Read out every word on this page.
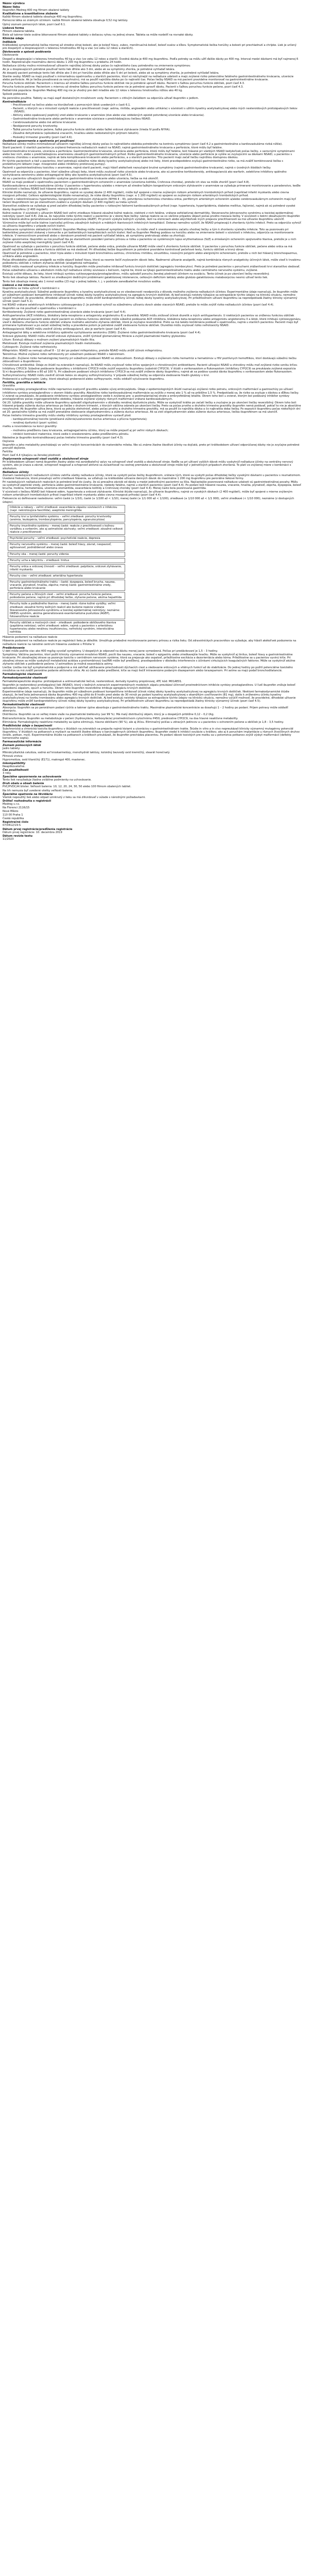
Názov výrobcu
Názov lieku
Ibuprofen Medreg 400 mg filmom obalené tablety
Kvalitatívne a kvantitatívne zloženie
Každá filmom obalená tableta obsahuje 400 mg ibuprofénu.
Pomocná látka so známym účinkom: každá filmom obalená tableta obsahuje 0,52 mg laktózy.
Úplný zoznam pomocných látok, pozri časť 6.1.
Lieková forma
Filmom obalená tableta.
Biele až takmer biele oválne bikonvexné filmom obalené tablety s deliacou ryhou na jednej strane. Tableta sa môže rozdeliť na rovnaké dávky.
Klinické údaje
Indikácie
Krátkodobá symptomatická liečba miernej až stredne silnej bolesti, ako je bolesť hlavy, zubov, menštruačná bolesť, bolesť svalov a kĺbov. Symptomatická liečba horúčky a bolesti pri prechladnutí a chrípke. Liek je určený pre dospelých a dospievajúcich s telesnou hmotnosťou 40 kg a viac (vo veku 12 rokov a starších).
Dávkovanie a spôsob podávania
Dávkovanie
Dospelí a dospievajúci s telesnou hmotnosťou 40 kg a viac (vo veku 12 rokov a starší): Úvodná dávka je 400 mg ibuprofénu. Podľa potreby sa môžu užiť ďalšie dávky po 400 mg. Interval medzi dávkami má byť najmenej 6 hodín. Neprekračujte maximálnu dennú dávku 1 200 mg ibuprofénu v priebehu 24 hodín.
Nežiaduce účinky možno minimalizovať užívaním najnižšej účinnej dávky počas čo najkratšieho času potrebného na zmiernenie symptómov.
Ak je u dospievajúcich potrebné používať tento liek dlhšie ako 3 dni, alebo ak sa symptómy zhoršia, je potrebné vyhľadať lekára.
Ak dospelý pacient potrebuje tento liek dlhšie ako 3 dni pri horúčke alebo dlhšie ako 5 dní pri bolesti, alebo ak sa symptómy zhoršia, je potrebné vyhľadať lekára.
Staršie osoby: NSAID sa majú používať s mimoriadnou opatrnosťou u starších pacientov, ktorí sú náchylnejší na nežiaduce udalosti a majú zvýšené riziko potenciálne fatálneho gastrointestinálneho krvácania, ulcerácie alebo perforácie. Ak je liečba považovaná za nevyhnutnú, má sa použiť najnižšia dávka po čo najkratší čas. Počas liečby NSAID sa má pacient pravidelne monitorovať na gastrointestinálne krvácanie.
Porucha funkcie obličiek: Pacientom s miernou až stredne ťažkou poruchou funkcie obličiek nie je potrebné upraviť dávku. Pacienti s ťažkou poruchou funkcie obličiek, pozri časť 4.3.
Porucha funkcie pečene: Pacientom s miernou až stredne ťažkou poruchou funkcie pečene nie je potrebné upraviť dávku. Pacienti s ťažkou poruchou funkcie pečene, pozri časť 4.3.
Pediatrická populácia: Ibuprofen Medreg 400 mg nie je vhodný pre deti mladšie ako 12 rokov s telesnou hmotnosťou nižšou ako 40 kg.
Spôsob podávania
Na perorálne použitie. Tablety sa majú zapiť dostatočným množstvom vody. Pacientom s citlivým žalúdkom sa odporúča užívať ibuprofén s jedlom.
Kontraindikácie
– Precitlivenosť na liečivo alebo na ktorúkoľvek z pomocných látok uvedených v časti 6.1.
– Pacienti, u ktorých sa v minulosti vyskytli reakcie z precitlivenosti (napr. astma, rinitída, angioedém alebo urtikária) v súvislosti s užitím kyseliny acetylsalicylovej alebo iných nesteroidových protizápalových liekov (NSAID).
– Aktívny alebo opakovaný peptický vred alebo krvácanie v anamnéze (dve alebo viac oddelených epizód potvrdenej ulcerácie alebo krvácania).
– Gastrointestinálne krvácanie alebo perforácia v anamnéze súvisiace s predchádzajúcou liečbou NSAID.
– Cerebrovaskulárne alebo iné aktívne krvácanie.
– Neobjasnené poruchy krvotvorby.
– Ťažká porucha funkcie pečene, ťažká porucha funkcie obličiek alebo ťažké srdcové zlyhávanie (trieda IV podľa NYHA).
– Závažná dehydratácia (spôsobená vracaním, hnačkou alebo nedostatočným príjmom tekutín).
– Posledný trimester gravidity (pozri časť 4.6).
Osobitné upozornenia a opatrenia pri používaní
Nežiaduce účinky možno minimalizovať užívaním najnižšej účinnej dávky počas čo najkratšieho obdobia potrebného na kontrolu symptómov (pozri časť 4.2 a gastrointestinálne a kardiovaskulárne riziká nižšie).
Starší pacienti: U starších pacientov je zvýšená frekvencia nežiaducich reakcií na NSAID, najmä gastrointestinálneho krvácania a perforácie, ktoré môžu byť fatálne.
Gastrointestinálne krvácanie, ulcerácia a perforácia: Gastrointestinálne krvácanie, ulcerácia alebo perforácia, ktoré môžu byť fatálne, boli hlásené pri všetkých NSAID kedykoľvek počas liečby, s varovnými symptómami alebo bez nich, alebo s predchádzajúcou anamnézou závažných gastrointestinálnych príhod. Riziko gastrointestinálneho krvácania, ulcerácie alebo perforácie je vyššie so zvyšujúcimi sa dávkami NSAID, u pacientov s vredovou chorobou v anamnéze, najmä ak bola komplikovaná krvácaním alebo perforáciou, a u starších pacientov. Títo pacienti majú začať liečbu najnižšou dostupnou dávkou.
Pri týchto pacientoch a tiež u pacientov, ktorí potrebujú súbežne nízke dávky kyseliny acetylsalicylovej alebo iné lieky, ktoré pravdepodobne zvyšujú gastrointestinálne riziko, sa má zvážiť kombinovaná liečba s protektívnymi látkami (napr. misoprostol alebo inhibítory protónovej pumpy).
Pacienti s gastrointestinálnou toxicitou v anamnéze, najmä starší pacienti, majú hlásiť akékoľvek nezvyčajné brušné symptómy (najmä gastrointestinálne krvácanie), najmä v úvodných štádiách liečby.
Opatrnosť sa odporúča u pacientov, ktorí súbežne užívajú lieky, ktoré môžu zvyšovať riziko ulcerácie alebo krvácania, ako sú perorálne kortikosteroidy, antikoagulanciá ako warfarín, selektívne inhibítory spätného vychytávania serotonínu alebo antiagregačné látky ako kyselina acetylsalicylová (pozri časť 4.5).
Ak sa u pacientov užívajúcich ibuprofén vyskytne gastrointestinálne krvácanie alebo ulcerácia, liečba sa má ukončiť.
NSAID sa majú podávať s opatrnosťou pacientom s gastrointestinálnym ochorením v anamnéze (ulcerózna kolitída, Crohnova choroba), pretože ich stav sa môže zhoršiť (pozri časť 4.8).
Kardiovaskulárne a cerebrovaskulárne účinky: U pacientov s hypertenziou a/alebo s miernym až stredne ťažkým kongestívnym srdcovým zlyhávaním v anamnéze sa vyžaduje primerané monitorovanie a poradenstvo, keďže v súvislosti s liečbou NSAID boli hlásené retencia tekutín a edém.
Klinické štúdie naznačujú, že užívanie ibuprofénu, najmä vo vysokej dávke (2 400 mg/deň), môže byť spojené s mierne zvýšeným rizikom arteriálnych trombotických príhod (napríklad infarkt myokardu alebo cievna mozgová príhoda). Celkovo epidemiologické štúdie nenaznačujú, že nízke dávky ibuprofénu (napr. ≤ 1 200 mg/deň) sú spojené so zvýšeným rizikom arteriálnych trombotických príhod.
Pacienti s nekontrolovanou hypertenziou, kongestívnym srdcovým zlyhávaním (NYHA II – III), potvrdenou ischemickou chorobou srdca, periférnym arteriálnym ochorením a/alebo cerebrovaskulárnym ochorením majú byť liečení ibuprofénom len po starostlivom zvážení a vysokým dávkam (2 400 mg/deň) sa treba vyhnúť.
Starostlivé zváženie sa vyžaduje aj pred začatím dlhodobej liečby pacientov s rizikovými faktormi kardiovaskulárnych príhod (napr. hypertenzia, hyperlipidémia, diabetes mellitus, fajčenie), najmä ak sú potrebné vysoké dávky ibuprofénu (2 400 mg/deň).
Kožné reakcie: V súvislosti s užívaním NSAID boli veľmi zriedkavo hlásené závažné kožné reakcie, niektoré z nich fatálne, vrátane exfoliatívnej dermatitídy, Stevensovho-Johnsonovho syndrómu a toxickej epidermálnej nekrolýzy (pozri časť 4.8). Zdá sa, že najvyššie riziko týchto reakcií u pacientov je v skorej fáze liečby: nástup reakcie sa vo väčšine prípadov objavil počas prvého mesiaca liečby. V súvislosti s liekmi obsahujúcimi ibuprofén bola hlásená akútna generalizovaná exantematózna pustulóza (AGEP). Pri prvom výskyte kožných vyrážok, lézií na slizniciach alebo akýchkoľvek iných prejavov precitlivenosti sa má užívanie ibuprofénu ukončiť.
Výnimočne môže byť ovčie kiahne (varicella) príčinou závažných kožných a mäkkých tkanivových infekčných komplikácií. Doteraz nemožno vylúčiť, že NSAID prispievajú k zhoršeniu týchto infekcií. Preto sa odporúča vyhnúť sa užívaniu ibuprofénu v prípade ovčích kiahní.
Maskovanie symptómov základných infekcií: Ibuprofen Medreg môže maskovať symptómy infekcie, čo môže viesť k oneskorenému začatiu vhodnej liečby a tým k zhoršeniu výsledku infekcie. Toto sa pozorovalo pri bakteriálnej pneumónii získanej v komunite a pri bakteriálnych komplikáciách ovčích kiahní. Keď sa Ibuprofen Medreg podáva na horúčku alebo na zmiernenie bolesti v súvislosti s infekciou, odporúča sa monitorovanie infekcie. V nemocničnom prostredí alebo v domácom prostredí má pacient vyhľadať lekára, ak symptómy pretrvávajú alebo sa zhoršujú.
Ďalšie upozornenia: Ibuprofén sa má používať iba po starostlivom posúdení pomeru prínosu a rizika u pacientov so systémovým lupus erythematosus (SLE) a zmiešaným ochorením spojivového tkaniva, pretože je u nich zvýšené riziko aseptickej meningitídy (pozri časť 4.8).
Opatrnosť sa vyžaduje u pacientov s poruchou funkcie obličiek, pečene alebo srdca, pretože užívanie NSAID môže viesť k zhoršeniu funkcie obličiek. U pacientov s poruchou funkcie obličiek, pečene alebo srdca sa má použiť najnižšia účinná dávka a funkcia obličiek sa má sledovať. Pri dlhodobej liečbe ibuprofénom je potrebné pravidelne kontrolovať pečeňové testy, funkciu obličiek a krvný obraz.
Opatrnosť je potrebná u pacientov, ktorí trpia alebo v minulosti trpeli bronchiálnou astmou, chronickou rinitídou, sinusitídou, nosovými polypmi alebo alergickými ochoreniami, pretože u nich bol hlásený bronchospazmus, urtikária alebo angioedém.
Počas dlhodobého užívania analgetík sa môže objaviť bolesť hlavy, ktorá sa nesmie liečiť zvyšovaním dávok lieku. Nadmerné užívanie analgetík, najmä kombinácia rôznych analgeticky účinných látok, môže viesť k trvalému poškodeniu obličiek s rizikom zlyhania obličiek (analgetická nefropatia).
NSAID môžu maskovať symptómy infekcie a horúčky. Ibuprofén môže prechodne inhibovať funkciu krvných doštičiek (agregáciu trombocytov). Preto je potrebné pacientov s poruchami zrážanlivosti krvi starostlivo sledovať.
Počas súbežného užívania s alkoholom môžu byť nežiaduce účinky súvisiace s liečivom, najmä tie, ktoré sa týkajú gastrointestinálneho traktu alebo centrálneho nervového systému, zvýšené.
Existujú určité dôkazy, že lieky, ktoré inhibujú syntézu cyklooxygenázy/prostaglandínov, môžu spôsobiť poruchu ženskej plodnosti účinkom na ovuláciu. Tento účinok je po ukončení liečby reverzibilný.
Tento liek obsahuje laktózu. Pacienti so zriedkavými dedičnými problémami galaktózovej intolerancie, celkovým deficitom laktázy alebo glukózo-galaktózovou malabsorpciou nesmú užívať tento liek.
Tento liek obsahuje menej ako 1 mmol sodíka (23 mg) v jednej tablete, t. j. v podstate zanedbateľné množstvo sodíka.
Liekové a iné interakcie
Ibuprofénu sa treba vyhnúť v kombinácii s:
Kyselina acetylsalicylová: Súbežné podávanie ibuprofénu a kyseliny acetylsalicylovej sa vo všeobecnosti neodporúča z dôvodu možného zvýšenia nežiaducich účinkov. Experimentálne údaje naznačujú, že ibuprofén môže pri súbežnom podávaní kompetitívne inhibovať účinok nízkej dávky kyseliny acetylsalicylovej na agregáciu krvných doštičiek. Aj keď existujú neistoty týkajúce sa extrapolácie týchto údajov na klinickú situáciu, nemožno vylúčiť možnosť, že pravidelné, dlhodobé užívanie ibuprofénu môže znížiť kardioprotektívny účinok nízkej dávky kyseliny acetylsalicylovej. Pri príležitostnom užívaní ibuprofénu sa nepredpokladá žiadny klinicky významný účinok (pozri časť 5.1).
Iné NSAID vrátane selektívnych inhibítorov cyklooxygenázy-2: Je potrebné vyhnúť sa súbežnému užívaniu dvoch alebo viacerých NSAID, pretože to môže zvýšiť riziko nežiaducich účinkov (pozri časť 4.4).
Ibuprofén sa má používať s opatrnosťou v kombinácii s:
Kortikosteroidy: Zvýšené riziko gastrointestinálnej ulcerácie alebo krvácania (pozri časť 4.4).
Antihypertenzíva (ACE inhibítory, blokátory beta-receptorov a antagonisty angiotenzínu II) a diuretiká: NSAID môžu znižovať účinok diuretík a iných antihypertenzív. U niektorých pacientov so zníženou funkciou obličiek (napr. dehydratovaní pacienti alebo starší pacienti so zníženou funkciou obličiek) môže súbežné podávanie ACE inhibítora, blokátora beta-receptorov alebo antagonistu angiotenzínu II a látok, ktoré inhibujú cyklooxygenázu, viesť k ďalšiemu zhoršeniu funkcie obličiek vrátane možného akútneho zlyhania obličiek, ktoré je zvyčajne reverzibilné. Preto sa má takáto kombinácia podávať s opatrnosťou, najmä u starších pacientov. Pacienti majú byť primerane hydratovaní a po začatí súbežnej liečby a pravidelne potom je potrebné zvážiť sledovanie funkcie obličiek. Diuretiká môžu zvyšovať riziko nefrotoxicity NSAID.
Antikoagulanciá: NSAID môžu zosilniť účinky antikoagulancií, ako je warfarín (pozri časť 4.4).
Antiagregačné látky a selektívne inhibítory spätného vychytávania serotonínu (SSRI): Zvýšené riziko gastrointestinálneho krvácania (pozri časť 4.4).
Srdcové glykozidy: NSAID môžu zhoršiť srdcové zlyhávanie, znížiť rýchlosť glomerulárnej filtrácie a zvýšiť plazmatické hladiny glykozidov.
Lítium: Existujú dôkazy o možnom zvýšení plazmatických hladín lítia.
Metotrexát: Existuje možnosť zvýšenia plazmatických hladín metotrexátu.
Cyklosporín: Zvýšené riziko nefrotoxicity.
Mifepristón: NSAID sa nemajú užívať 8 – 12 dní po podaní mifepristónu, pretože NSAID môžu znížiť účinok mifepristónu.
Takrolimus: Možné zvýšené riziko nefrotoxicity pri súbežnom podávaní NSAID s takrolimom.
Zidovudín: Zvýšené riziko hematologickej toxicity pri súbežnom podávaní NSAID so zidovudínom. Existujú dôkazy o zvýšenom riziku hemartróz a hematómov u HIV pozitívnych hemofilikov, ktorí dostávajú súbežnú liečbu zidovudínom a ibuprofénom.
Chinolónové antibiotiká: Údaje zo štúdií na zvieratách naznačujú, že NSAID môžu zvyšovať riziko kŕčov spojených s chinolónovými antibiotikami. Pacienti užívajúci NSAID a chinolóny môžu mať zvýšené riziko vzniku kŕčov.
Inhibítory CYP2C9: Súbežné podávanie ibuprofénu s inhibítormi CYP2C9 môže zvýšiť expozíciu ibuprofénu (substrát CYP2C9). V štúdii s vorikonazolom a flukonazolom (inhibítory CYP2C9) sa preukázala zvýšená expozícia S(+)-ibuprofénu približne o 80 až 100 %. Pri súbežnom podávaní silných inhibítorov CYP2C9 sa má zvážiť zníženie dávky ibuprofénu, najmä ak sa podáva vysoká dávka ibuprofénu s vorikonazolom alebo flukonazolom.
Sulfonylmočoviny: NSAID môžu zosilniť účinok liekov zo skupiny sulfonylmočoviny. V prípade súbežnej liečby sa odporúča sledovanie hladín glukózy v krvi.
Probenecid a sulfinpyrazón: Lieky, ktoré obsahujú probenecid alebo sulfinpyrazón, môžu oddialiť vylučovanie ibuprofénu.
Fertilita, gravidita a laktácia
Gravidita
Inhibícia syntézy prostaglandínov môže nepriaznivo ovplyvniť graviditu a/alebo vývoj embrya/plodu. Údaje z epidemiologických štúdií naznačujú zvýšené riziko potratu, srdcových malformácií a gastroschízy po užívaní inhibítorov syntézy prostaglandínov v skorom štádiu gravidity. Absolútne riziko kardiovaskulárnej malformácie sa zvýšilo z menej ako 1 % až na približne 1,5 %. Predpokladá sa, že riziko sa zvyšuje s dávkou a dĺžkou liečby. U zvierat sa preukázalo, že podávanie inhibítorov syntézy prostaglandínov vedie k zvýšenej pre- a postimplantačnej strate a embryofetálnej letalite. Okrem toho boli u zvierat, ktorým bol podávaný inhibítor syntézy prostaglandínov počas organogenetického obdobia, hlásené zvýšené výskyty rôznych malformácií vrátane kardiovaskulárnych.
Od 20. týždňa gravidity môže užívanie ibuprofénu spôsobiť oligohydramnión v dôsledku renálnej dysfunkcie plodu. Môže sa vyskytnúť krátko po začatí liečby a zvyčajne je po ukončení liečby reverzibilný. Okrem toho boli hlásené prípady zúženia ductus arteriosus po liečbe v druhom trimestri, z ktorých väčšina odznela po ukončení liečby. Preto sa počas prvého a druhého trimestra gravidity ibuprofén nemá podávať, pokiaľ to nie je absolútne nevyhnutné. Ak ibuprofén užíva žena, ktorá sa pokúša otehotnieť, alebo počas prvého a druhého trimestra gravidity, má sa použiť čo najnižšia dávka a čo najkratšia doba liečby. Po expozícii ibuprofénu počas niekoľkých dní od 20. gestačného týždňa sa má zvážiť prenatálne sledovanie oligohydramniónu a zúženia ductus arteriosus. Ak sa zistí oligohydramnión alebo zúženie ductus arteriosus, liečba ibuprofénom sa má ukončiť.
Počas tretieho trimestra gravidity môžu všetky inhibítory syntézy prostaglandínov vystaviť plod:
– kardiopulmonálnej toxicite (predčasné zúženie/uzatvorenie ductus arteriosus a pľúcna hypertenzia);
– renálnej dysfunkcii (pozri vyššie);
matku a novorodenca na konci gravidity:
– možnému predĺženiu času krvácania, antiagregačnému účinku, ktorý sa môže prejaviť aj pri veľmi nízkych dávkach;
– inhibícii kontrakcií maternice, ktorá vedie k oneskorenému alebo predĺženému pôrodu.
Následne je ibuprofén kontraindikovaný počas tretieho trimestra gravidity (pozri časť 4.3).
Dojčenie
Ibuprofén a jeho metabolity prechádzajú vo veľmi malých koncentráciách do materského mlieka. Nie sú známe žiadne škodlivé účinky na dojčatá, preto pri krátkodobom užívaní odporúčanej dávky nie je zvyčajne potrebné prerušiť dojčenie.
Fertilita
Pozri časť 4.4 týkajúcu sa ženskej plodnosti.
Ovplyvnenie schopnosti viesť vozidlá a obsluhovať stroje
Pri krátkodobom užívaní nemá ibuprofén žiadny alebo má zanedbateľný vplyv na schopnosť viesť vozidlá a obsluhovať stroje. Keďže sa pri užívaní vyšších dávok môžu vyskytnúť nežiaduce účinky na centrálny nervový systém, ako je únava a závrat, schopnosť reagovať a schopnosť aktívne sa zúčastňovať na cestnej premávke a obsluhovať stroje môže byť v jednotlivých prípadoch zhoršená. To platí vo zvýšenej miere v kombinácii s alkoholom.
Nežiaduce účinky
Zoznam nasledujúcich nežiaducich účinkov zahŕňa všetky nežiaduce účinky, ktoré sa vyskytli počas liečby ibuprofénom, vrátane tých, ktoré sa vyskytli počas dlhodobej liečby vysokými dávkami u pacientov s reumatizmom. Uvedené frekvencie, ktoré presahujú veľmi zriedkavé hlásenia, sa vzťahujú na krátkodobé užívanie denných dávok do maximálne 1 200 mg ibuprofénu pre perorálne liekové formy.
Pri nasledujúcich nežiaducich reakciách je potrebné brať do úvahy, že sú prevažne závislé od dávky a medzi jednotlivými pacientmi sa líšia. Najčastejšie pozorované nežiaduce udalosti sú gastrointestinálnej povahy. Môžu sa vyskytnúť peptické vredy, perforácia alebo gastrointestinálne krvácanie, niekedy fatálne, najmä u starších pacientov (pozri časť 4.4). Po podaní boli hlásené nauzea, vracanie, hnačka, plynatosť, zápcha, dyspepsia, bolesť brucha, meléna, hemateméza, ulcerózna stomatitída, exacerbácia kolitídy a Crohnovej choroby (pozri časť 4.4). Menej často bola pozorovaná gastritída.
V súvislosti s liečbou NSAID boli hlásené edém, hypertenzia a srdcové zlyhávanie. Klinické štúdie naznačujú, že užívanie ibuprofénu, najmä vo vysokých dávkach (2 400 mg/deň), môže byť spojené s mierne zvýšeným rizikom arteriálnych trombotických príhod (napríklad infarkt myokardu alebo cievna mozgová príhoda) (pozri časť 4.4).
Frekvencie sú definované nasledovne: veľmi časté (≥ 1/10), časté (≥ 1/100 až < 1/10), menej časté (≥ 1/1 000 až < 1/100), zriedkavé (≥ 1/10 000 až < 1/1 000), veľmi zriedkavé (< 1/10 000), neznáme (z dostupných údajov).
Infekcie a nákazy – veľmi zriedkavé: exacerbácia zápalov súvisiacich s infekciou (napr. nekrotizujúca fasciitída), aseptická meningitída
Poruchy krvi a lymfatického systému – veľmi zriedkavé: poruchy krvotvorby (anémia, leukopénia, trombocytopénia, pancytopénia, agranulocytóza)
Poruchy imunitného systému – menej časté: reakcie z precitlivenosti s kožnou vyrážkou a svrbením, ako aj astmatické záchvaty; veľmi zriedkavé: závažné celkové reakcie z precitlivenosti
Psychické poruchy – veľmi zriedkavé: psychotické reakcie, depresia
Poruchy nervového systému – menej časté: bolesť hlavy, závrat, nespavosť, agitovanosť, podráždenosť alebo únava
Poruchy oka – menej časté: poruchy videnia
Poruchy ucha a labyrintu – zriedkavé: tinitus
Poruchy srdca a srdcovej činnosti – veľmi zriedkavé: palpitácie, srdcové zlyhávanie, infarkt myokardu
Poruchy ciev – veľmi zriedkavé: arteriálna hypertenzia
Poruchy gastrointestinálneho traktu – časté: dyspepsia, bolesť brucha, nauzea, vracanie, plynatosť, hnačka, zápcha; menej časté: gastrointestinálne vredy, perforácia alebo krvácanie
Poruchy pečene a žlčových ciest – veľmi zriedkavé: porucha funkcie pečene, poškodenie pečene, najmä pri dlhodobej liečbe, zlyhanie pečene, akútna hepatitída
Poruchy kože a podkožného tkaniva – menej časté: rôzne kožné vyrážky; veľmi zriedkavé: závažné formy kožných reakcií ako bulózne reakcie vrátane Stevensovho-Johnsonovho syndrómu a toxickej epidermálnej nekrolýzy; neznáme: DRESS syndróm, akútna generalizovaná exantematózna pustulóza (AGEP), fotosenzitívne reakcie
Poruchy obličiek a močových ciest – zriedkavé: poškodenie obličkového tkaniva (papilárna nekróza); veľmi zriedkavé: edém, najmä u pacientov s arteriálnou hypertenziou alebo renálnou insuficienciou, nefrotický syndróm, intersticiálna nefritída
Hlásenie podozrení na nežiaduce reakcie
Hlásenie podozrení na nežiaduce reakcie po registrácii lieku je dôležité. Umožňuje priebežné monitorovanie pomeru prínosu a rizika lieku. Od zdravotníckych pracovníkov sa vyžaduje, aby hlásili akékoľvek podozrenia na nežiaduce reakcie na národné centrum hlásenia uvedené v Prílohe V.
Predávkovanie
U detí môže požitie viac ako 400 mg/kg vyvolať symptómy. U dospelých je odpoveď na dávku menej jasne vymedzená. Polčas pri predávkovaní je 1,5 – 3 hodiny.
Symptómy: Väčšina pacientov, ktorí požili klinicky významné množstvo NSAID, pocíti iba nauzeu, vracanie, bolesť v epigastriu alebo zriedkavejšie hnačku. Môže sa vyskytnúť aj tinitus, bolesť hlavy a gastrointestinálne krvácanie. Pri závažnejšej otrave sa pozoruje toxicita v centrálnom nervovom systéme, ktorá sa prejavuje ako ospalosť, príležitostne excitácia a dezorientácia alebo kóma. Príležitostne sa u pacientov vyvinú kŕče. Pri závažnej otrave sa môže vyskytnúť metabolická acidóza a protrombínový čas/INR môže byť predĺžený, pravdepodobne v dôsledku interferencie s účinkami cirkulujúcich koagulačných faktorov. Môže sa vyskytnúť akútne zlyhanie obličiek a poškodenie pečene. U astmatikov je možná exacerbácia astmy.
Liečba: Liečba má byť symptomatická a podporná a má zahŕňať udržiavanie priechodnosti dýchacích ciest a sledovanie srdcových a vitálnych funkcií až do stabilizácie. Do jednej hodiny po požití potenciálne toxického množstva sa má zvážiť perorálne podanie aktívneho uhlia. Ak sú časté alebo predĺžené, kŕče sa majú liečiť intravenózne podaným diazepamom alebo lorazepamom. Pri astme sa majú podať bronchodilatanciá.
Farmakologické vlastnosti
Farmakodynamické vlastnosti
Farmakoterapeutická skupina: protizápalové a antireumatické liečivá, nesteroidové, deriváty kyseliny propiónovej, ATC kód: M01AE01.
Ibuprofén je nesteroidový protizápalový liek (NSAID), ktorý v bežných zvieracích experimentálnych modeloch zápalu preukázal účinnosť prostredníctvom inhibície syntézy prostaglandínov. U ľudí ibuprofén znižuje bolesť spôsobenú zápalom, opuch a horúčku. Okrem toho ibuprofén reverzibilne inhibuje agregáciu krvných doštičiek.
Experimentálne údaje naznačujú, že ibuprofén môže pri súbežnom podávaní kompetitívne inhibovať účinok nízkej dávky kyseliny acetylsalicylovej na agregáciu krvných doštičiek. Niektoré farmakodynamické štúdie ukazujú, že keď bola jednorazová dávka ibuprofénu 400 mg užitá do 8 hodín pred alebo do 30 minút po podaní kyseliny acetylsalicylovej s okamžitým uvoľňovaním (81 mg), došlo k zníženému účinku kyseliny acetylsalicylovej na tvorbu tromboxánu alebo agregáciu krvných doštičiek. Aj keď existujú neistoty týkajúce sa extrapolácie týchto údajov na klinickú situáciu, nemožno vylúčiť možnosť, že pravidelné, dlhodobé užívanie ibuprofénu môže znížiť kardioprotektívny účinok nízkej dávky kyseliny acetylsalicylovej. Pri príležitostnom užívaní ibuprofénu sa nepredpokladá žiadny klinicky významný účinok (pozri časť 4.5).
Farmakokinetické vlastnosti
Absorpcia: Ibuprofén sa po perorálnom podaní rýchlo a takmer úplne absorbuje z gastrointestinálneho traktu. Maximálne plazmatické koncentrácie sa dosahujú 1 – 2 hodiny po podaní. Príjem potravy môže oddialiť absorpciu.
Distribúcia: Ibuprofén sa vo veľkej miere viaže na plazmatické bielkoviny (asi 99 %). Má malý distribučný objem, ktorý je u dospelých približne 0,12 – 0,2 l/kg.
Biotransformácia: Ibuprofén sa metabolizuje v pečeni (hydroxylácia, karboxylácia) prostredníctvom cytochrómu P450, prednostne CYP2C9, na dva hlavné neaktívne metabolity.
Eliminácia: Farmakologicky neaktívne metabolity sa úplne eliminujú, hlavne obličkami (90 %), ale aj žlčou. Eliminačný polčas u zdravých jedincov a u pacientov s ochorením pečene a obličiek je 1,8 – 3,5 hodiny.
Predklinické údaje o bezpečnosti
Subchronická a chronická toxicita ibuprofénu v štúdiách na zvieratách sa prejavila najmä léziami a ulceráciou v gastrointestinálnom trakte. Štúdie in vitro a in vivo nepreukázali klinicky významný mutagénny potenciál ibuprofénu. V štúdiách na potkanoch a myšiach sa nezistili žiadne dôkazy o karcinogénnych účinkoch ibuprofénu. Ibuprofén viedol k inhibícii ovulácie u králikov, ako aj k poruchám implantácie u rôznych živočíšnych druhov (králik, potkan, myš). Experimentálne štúdie na potkanoch a králikoch preukázali, že ibuprofén prechádza placentou. Po podaní dávok toxických pre matku sa u potomstva potkanov zvýšil výskyt malformácií (defekty komorového septa).
Farmaceutické informácie
Zoznam pomocných látok
Jadro tablety:
Mikrokryštalická celulóza, sodná soľ kroskarmelózy, monohydrát laktózy, koloidný bezvodý oxid kremičitý, stearát horečnatý.
Filmová vrstva:
Hypromelóza, oxid titaničitý (E171), makrogol 400, mastenec.
Inkompatibility
Neaplikovateľné.
Čas použiteľnosti
3 roky.
Špeciálne upozornenia na uchovávanie
Tento liek nevyžaduje žiadne zvláštne podmienky na uchovávanie.
Druh obalu a obsah balenia
PVC/PVDC/Al blister. Veľkosti balenia: 10, 12, 20, 24, 30, 50 alebo 100 filmom obalených tabliet.
Na trh nemusia byť uvedené všetky veľkosti balenia.
Špeciálne opatrenia na likvidáciu
Všetok nepoužitý liek alebo odpad vzniknutý z lieku sa má zlikvidovať v súlade s národnými požiadavkami.
Držiteľ rozhodnutia o registrácii
Medreg s.r.o.
Na Florenci 2116/15
Nové Město
110 00 Praha 1
Česká republika
Registračné číslo
07/0412/19-S
Dátum prvej registrácie/predĺženia registrácie
Dátum prvej registrácie: 10. decembra 2019
Dátum revízie textu
11/2023
